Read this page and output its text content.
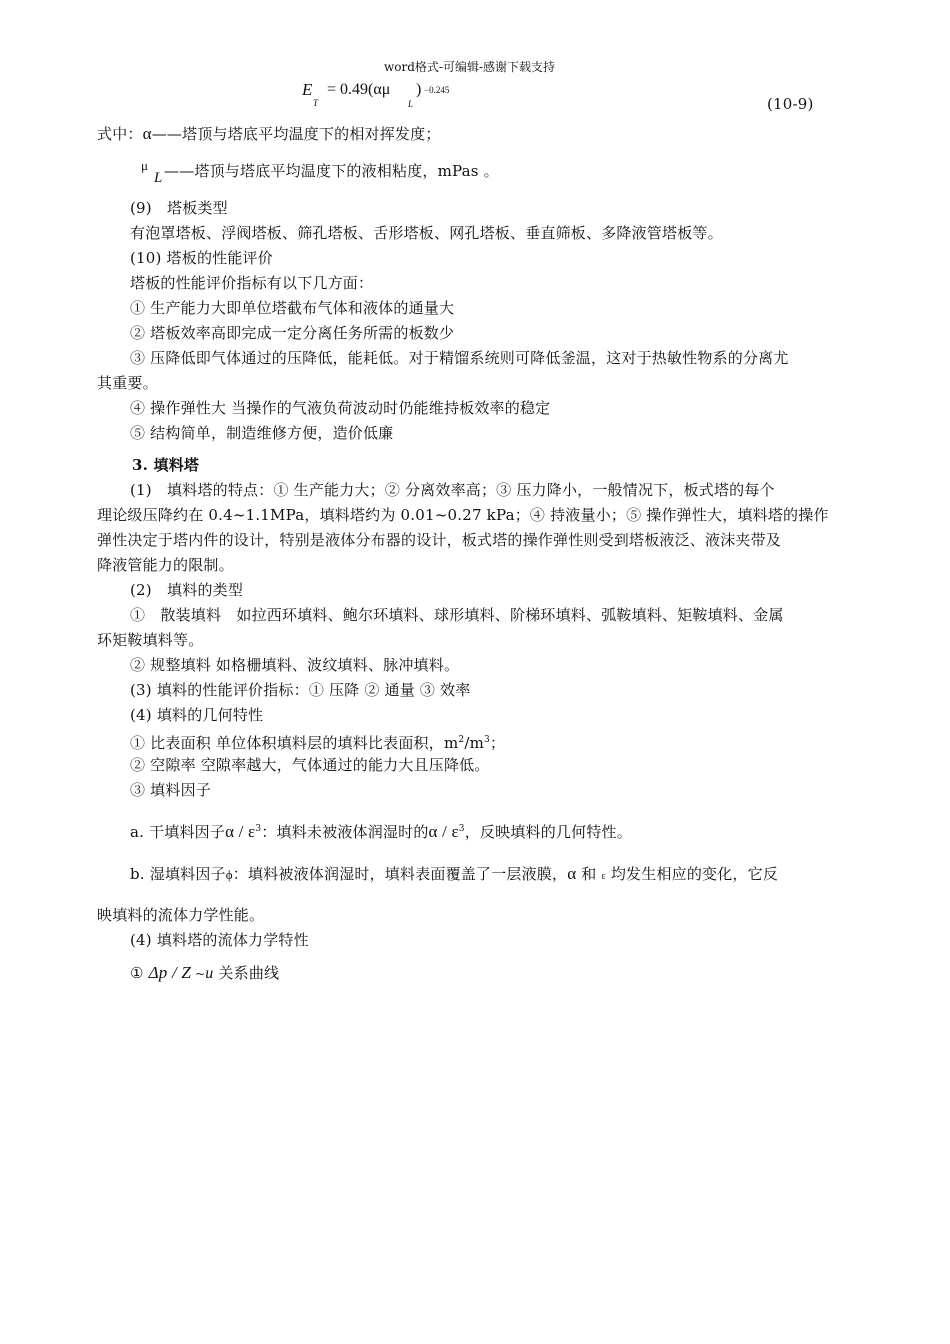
word格式-可编辑-感谢下载支持
E
T
= 0.49(αμ
L
) −0.245
(10-9)
式中：α——塔顶与塔底平均温度下的相对挥发度；
μ
L ——塔顶与塔底平均温度下的液相粘度，mPas 。
(9)　塔板类型
有泡罩塔板、浮阀塔板、筛孔塔板、舌形塔板、网孔塔板、垂直筛板、多降液管塔板等。
(10) 塔板的性能评价
塔板的性能评价指标有以下几方面：
① 生产能力大即单位塔截布气体和液体的通量大
② 塔板效率高即完成一定分离任务所需的板数少
③ 压降低即气体通过的压降低，能耗低。对于精馏系统则可降低釜温，这对于热敏性物系的分离尤
其重要。
④ 操作弹性大 当操作的气液负荷波动时仍能维持板效率的稳定
⑤ 结构简单，制造维修方便，造价低廉
3. 填料塔
(1)　填料塔的特点：① 生产能力大；② 分离效率高；③ 压力降小，一般情况下，板式塔的每个
理论级压降约在 0.4~1.1MPa，填料塔约为 0.01~0.27 kPa；④ 持液量小；⑤ 操作弹性大，填料塔的操作
弹性决定于塔内件的设计，特别是液体分布器的设计，板式塔的操作弹性则受到塔板液泛、液沫夹带及
降液管能力的限制。
(2)　填料的类型
①　散装填料　如拉西环填料、鲍尔环填料、球形填料、阶梯环填料、弧鞍填料、矩鞍填料、金属
环矩鞍填料等。
② 规整填料 如格栅填料、波纹填料、脉冲填料。
(3) 填料的性能评价指标：① 压降 ② 通量 ③ 效率
(4) 填料的几何特性
① 比表面积 单位体积填料层的填料比表面积，$m^2/m^3$；
② 空隙率 空隙率越大，气体通过的能力大且压降低。
③ 填料因子
a. 干填料因子α / $\varepsilon^3$：填料未被液体润湿时的α / $\varepsilon^3$，反映填料的几何特性。
b. 湿填料因子ϕ：填料被液体润湿时，填料表面覆盖了一层液膜，α 和 ε 均发生相应的变化，它反
映填料的流体力学性能。
(4) 填料塔的流体力学特性
① Δp / Z ~u 关系曲线
